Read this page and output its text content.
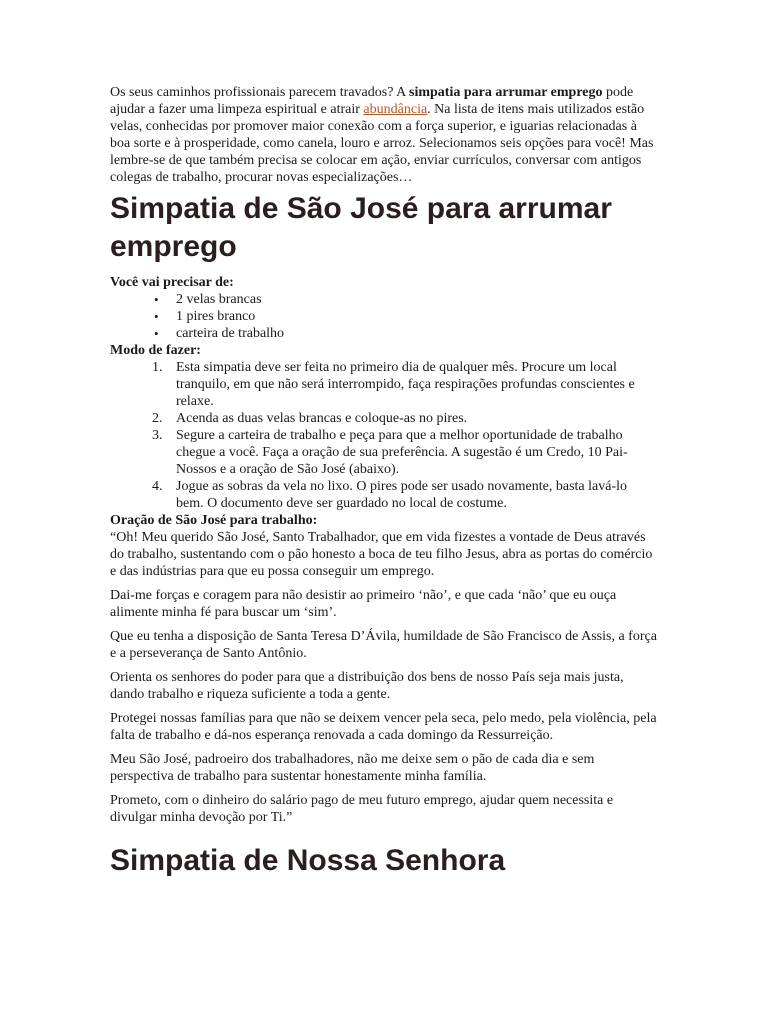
Os seus caminhos profissionais parecem travados? A simpatia para arrumar emprego pode ajudar a fazer uma limpeza espiritual e atrair abundância. Na lista de itens mais utilizados estão velas, conhecidas por promover maior conexão com a força superior, e iguarias relacionadas à boa sorte e à prosperidade, como canela, louro e arroz. Selecionamos seis opções para você! Mas lembre-se de que também precisa se colocar em ação, enviar currículos, conversar com antigos colegas de trabalho, procurar novas especializações…

Simpatia de São José para arrumar emprego

Você vai precisar de:

• 2 velas brancas
• 1 pires branco
• carteira de trabalho

Modo de fazer:

1. Esta simpatia deve ser feita no primeiro dia de qualquer mês. Procure um local tranquilo, em que não será interrompido, faça respirações profundas conscientes e relaxe.
2. Acenda as duas velas brancas e coloque-as no pires.
3. Segure a carteira de trabalho e peça para que a melhor oportunidade de trabalho chegue a você. Faça a oração de sua preferência. A sugestão é um Credo, 10 Pai-Nossos e a oração de São José (abaixo).
4. Jogue as sobras da vela no lixo. O pires pode ser usado novamente, basta lavá-lo bem. O documento deve ser guardado no local de costume.

Oração de São José para trabalho:

“Oh! Meu querido São José, Santo Trabalhador, que em vida fizestes a vontade de Deus através do trabalho, sustentando com o pão honesto a boca de teu filho Jesus, abra as portas do comércio e das indústrias para que eu possa conseguir um emprego.

Dai-me forças e coragem para não desistir ao primeiro ‘não’, e que cada ‘não’ que eu ouça alimente minha fé para buscar um ‘sim’.

Que eu tenha a disposição de Santa Teresa D’Ávila, humildade de São Francisco de Assis, a força e a perseverança de Santo Antônio.

Orienta os senhores do poder para que a distribuição dos bens de nosso País seja mais justa, dando trabalho e riqueza suficiente a toda a gente.

Protegei nossas famílias para que não se deixem vencer pela seca, pelo medo, pela violência, pela falta de trabalho e dá-nos esperança renovada a cada domingo da Ressurreição.

Meu São José, padroeiro dos trabalhadores, não me deixe sem o pão de cada dia e sem perspectiva de trabalho para sustentar honestamente minha família.

Prometo, com o dinheiro do salário pago de meu futuro emprego, ajudar quem necessita e divulgar minha devoção por Ti.”

Simpatia de Nossa Senhora
